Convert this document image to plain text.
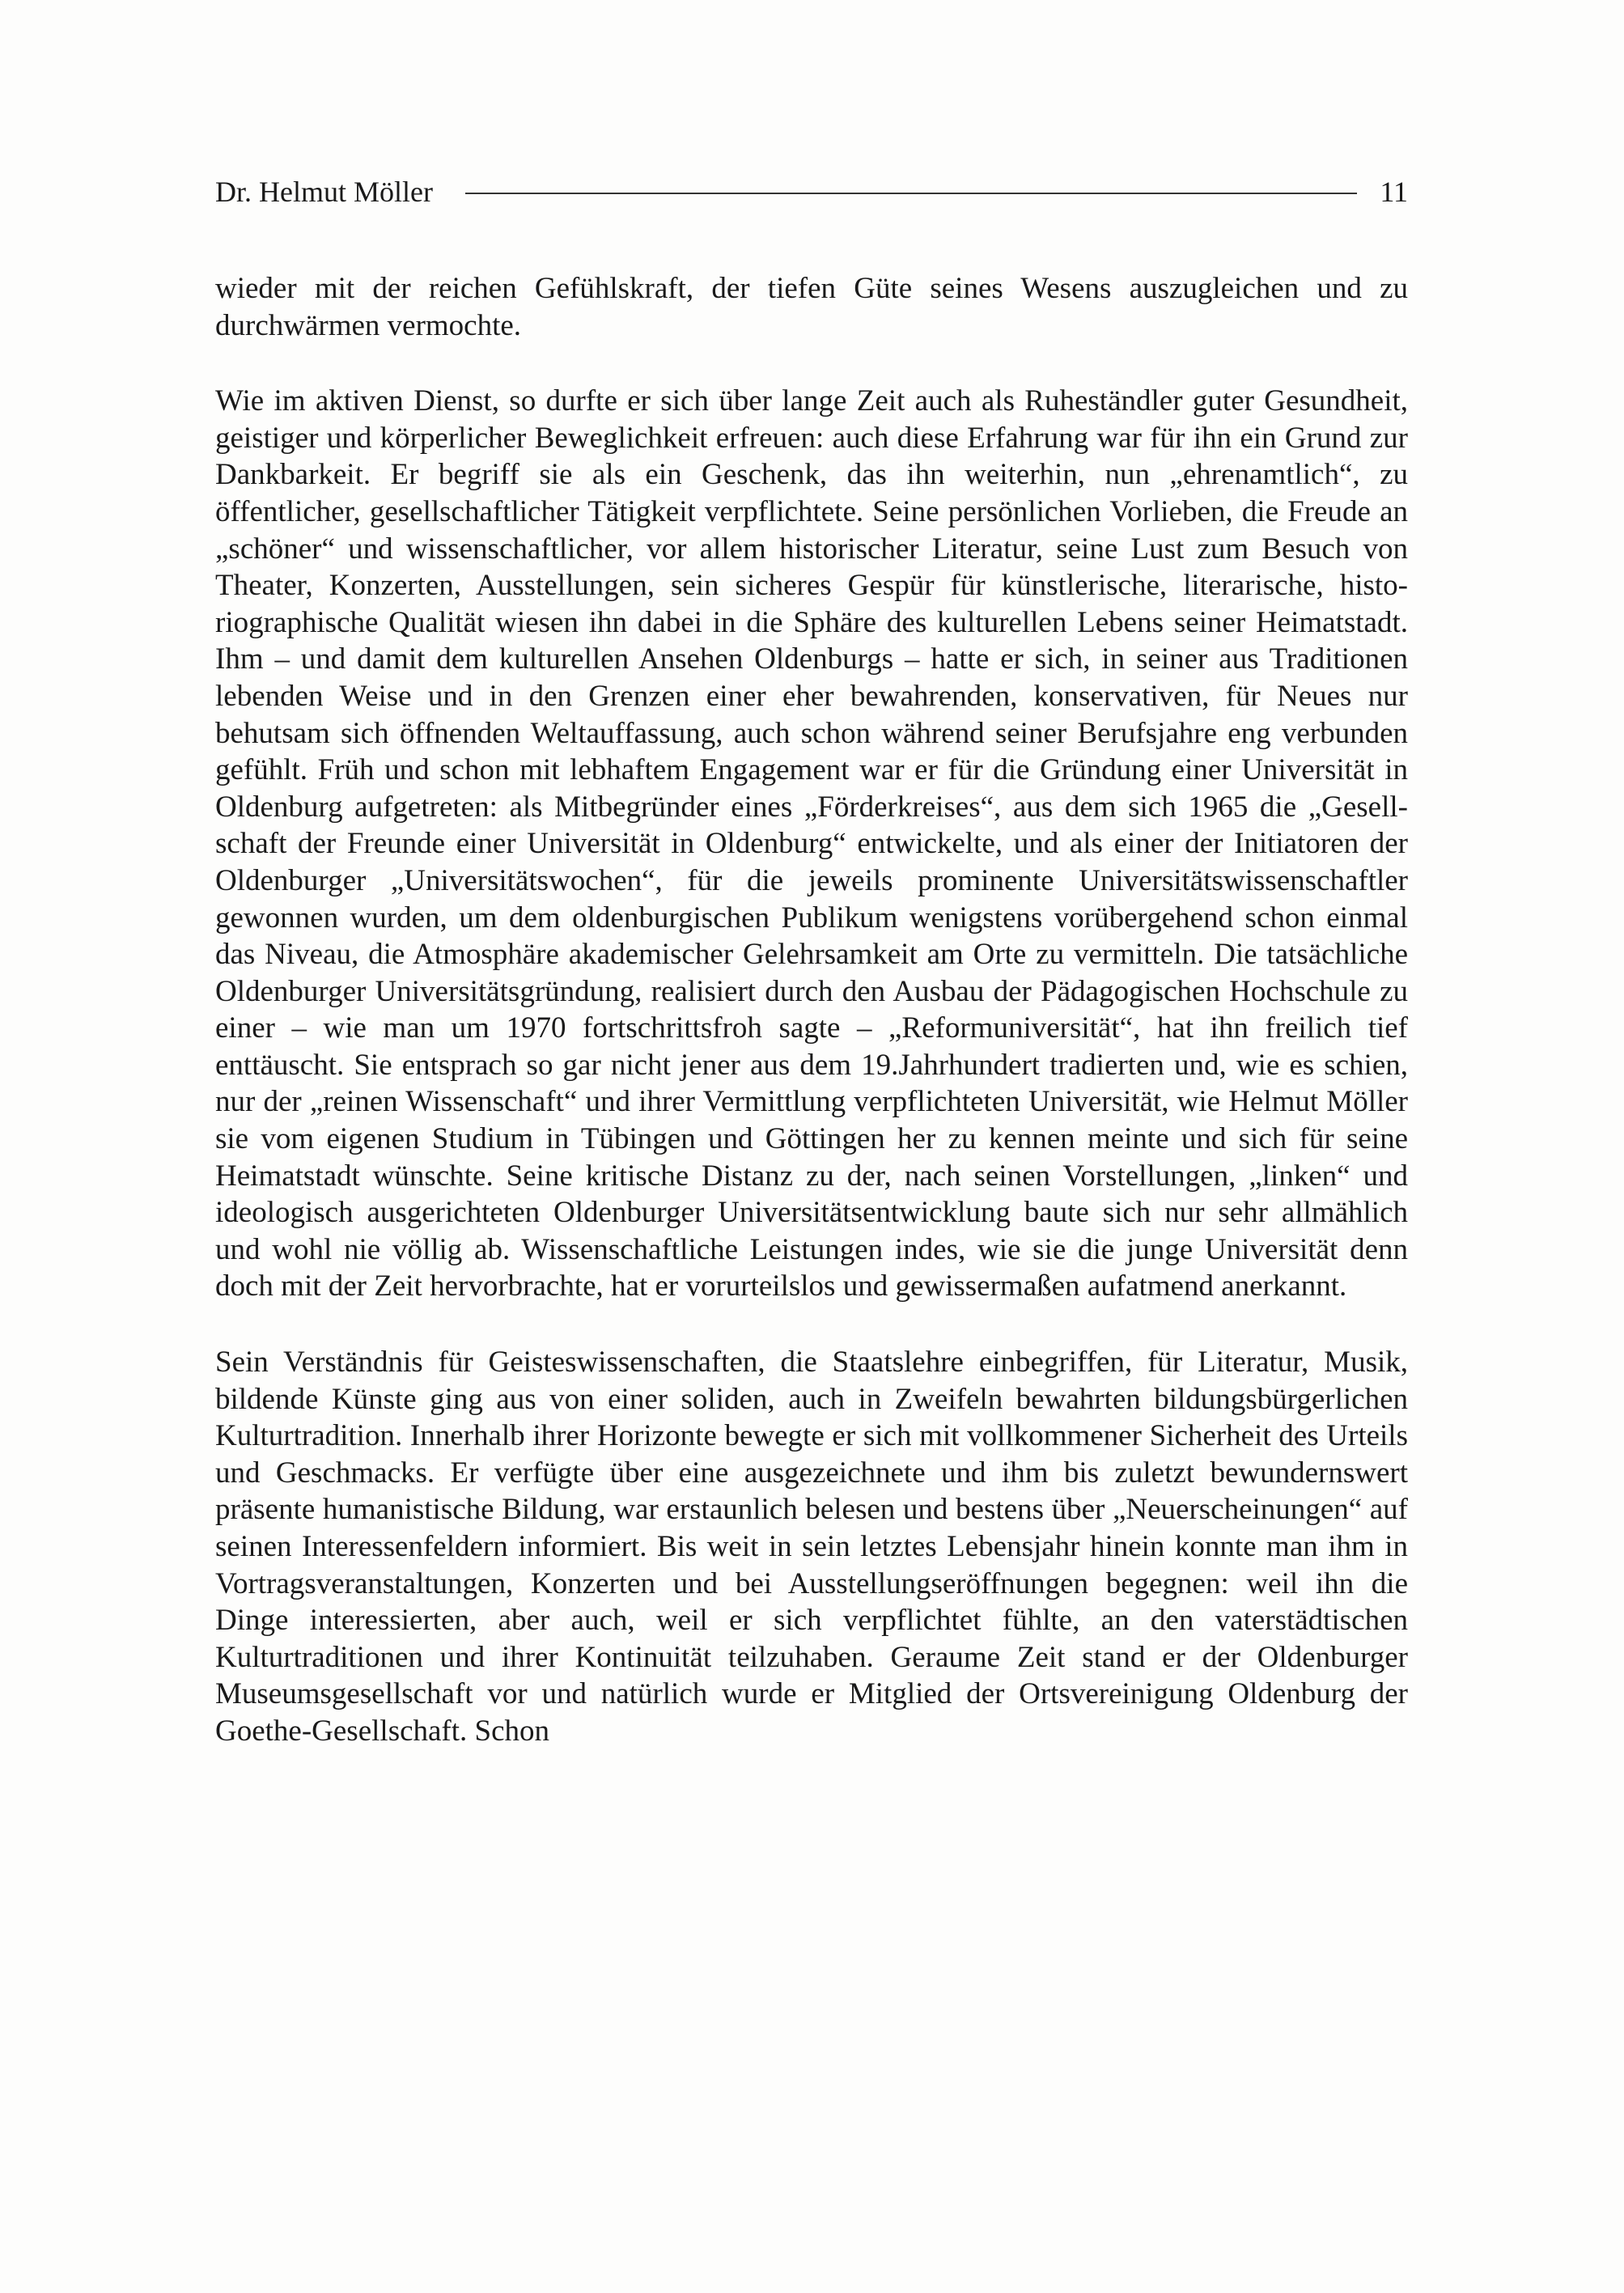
Dr. Helmut Möller	11

wieder mit der reichen Gefühlskraft, der tiefen Güte seines Wesens auszugleichen und zu durchwärmen vermochte.

Wie im aktiven Dienst, so durfte er sich über lange Zeit auch als Ruheständler guter Gesundheit, geistiger und körperlicher Beweglichkeit erfreuen: auch diese Erfahrung war für ihn ein Grund zur Dankbarkeit. Er begriff sie als ein Geschenk, das ihn weiterhin, nun „ehrenamtlich“, zu öffentlicher, gesellschaftlicher Tätigkeit verpflichtete. Seine persönlichen Vorlieben, die Freude an „schöner“ und wissenschaftlicher, vor allem historischer Literatur, seine Lust zum Besuch von Theater, Konzerten, Ausstellungen, sein sicheres Gespür für künstlerische, literarische, historiographische Qualität wiesen ihn dabei in die Sphäre des kulturellen Lebens seiner Heimatstadt. Ihm – und damit dem kulturellen Ansehen Oldenburgs – hatte er sich, in seiner aus Traditionen lebenden Weise und in den Grenzen einer eher bewahrenden, konservativen, für Neues nur behutsam sich öffnenden Weltauffassung, auch schon während seiner Berufsjahre eng verbunden gefühlt. Früh und schon mit lebhaftem Engagement war er für die Gründung einer Universität in Oldenburg aufgetreten: als Mitbegründer eines „Förderkreises“, aus dem sich 1965 die „Gesellschaft der Freunde einer Universität in Oldenburg“ entwickelte, und als einer der Initiatoren der Oldenburger „Universitätswochen“, für die jeweils prominente Universitätswissenschaftler gewonnen wurden, um dem oldenburgischen Publikum wenigstens vorübergehend schon einmal das Niveau, die Atmosphäre akademischer Gelehrsamkeit am Orte zu vermitteln. Die tatsächliche Oldenburger Universitätsgründung, realisiert durch den Ausbau der Pädagogischen Hochschule zu einer – wie man um 1970 fortschrittsfroh sagte – „Reformuniversität“, hat ihn freilich tief enttäuscht. Sie entsprach so gar nicht jener aus dem 19.Jahrhundert tradierten und, wie es schien, nur der „reinen Wissenschaft“ und ihrer Vermittlung verpflichteten Universität, wie Helmut Möller sie vom eigenen Studium in Tübingen und Göttingen her zu kennen meinte und sich für seine Heimatstadt wünschte. Seine kritische Distanz zu der, nach seinen Vorstellungen, „linken“ und ideologisch ausgerichteten Oldenburger Universitätsentwicklung baute sich nur sehr allmählich und wohl nie völlig ab. Wissenschaftliche Leistungen indes, wie sie die junge Universität denn doch mit der Zeit hervorbrachte, hat er vorurteilslos und gewissermaßen aufatmend anerkannt.

Sein Verständnis für Geisteswissenschaften, die Staatslehre einbegriffen, für Literatur, Musik, bildende Künste ging aus von einer soliden, auch in Zweifeln bewahrten bildungsbürgerlichen Kulturtradition. Innerhalb ihrer Horizonte bewegte er sich mit vollkommener Sicherheit des Urteils und Geschmacks. Er verfügte über eine ausgezeichnete und ihm bis zuletzt bewundernswert präsente humanistische Bildung, war erstaunlich belesen und bestens über „Neuerscheinungen“ auf seinen Interessenfeldern informiert. Bis weit in sein letztes Lebensjahr hinein konnte man ihm in Vortragsveranstaltungen, Konzerten und bei Ausstellungseröffnungen begegnen: weil ihn die Dinge interessierten, aber auch, weil er sich verpflichtet fühlte, an den vaterstädtischen Kulturtraditionen und ihrer Kontinuität teilzuhaben. Geraume Zeit stand er der Oldenburger Museumsgesellschaft vor und natürlich wurde er Mitglied der Ortsvereinigung Oldenburg der Goethe-Gesellschaft. Schon
